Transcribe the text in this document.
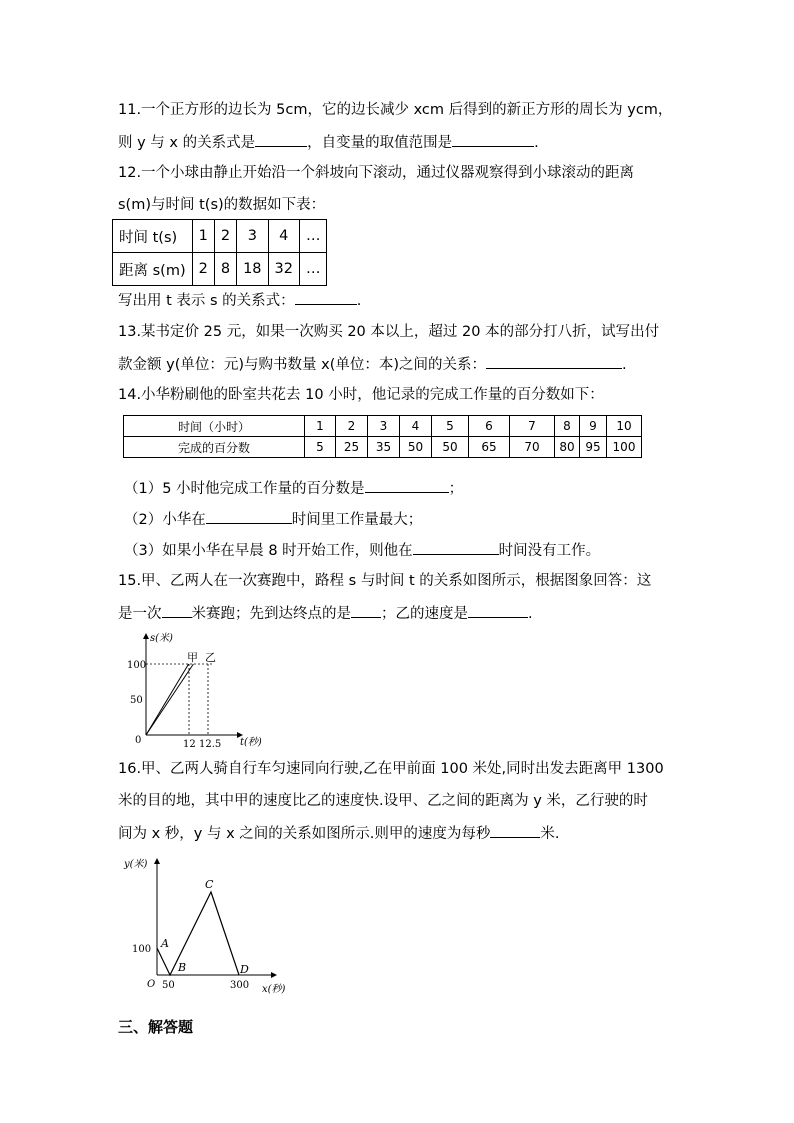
11.一个正方形的边长为 5cm，它的边长减少 xcm 后得到的新正方形的周长为 ycm，
则 y 与 x 的关系式是	，自变量的取值范围是	.
12.一个小球由静止开始沿一个斜坡向下滚动，通过仪器观察得到小球滚动的距离
s(m)与时间 t(s)的数据如下表：
时间 t(s)	1	2	3	4	…
距离 s(m)	2	8	18	32	…
写出用 t 表示 s 的关系式：	.
13.某书定价 25 元，如果一次购买 20 本以上，超过 20 本的部分打八折，试写出付
款金额 y(单位：元)与购书数量 x(单位：本)之间的关系：	.
14.小华粉刷他的卧室共花去 10 小时，他记录的完成工作量的百分数如下：
时间（小时）	1	2	3	4	5	6	7	8	9	10
完成的百分数	5	25	35	50	50	65	70	80	95	100
（1）5 小时他完成工作量的百分数是	；
（2）小华在	时间里工作量最大；
（3）如果小华在早晨 8 时开始工作，则他在	时间没有工作。
15.甲、乙两人在一次赛跑中，路程 s 与时间 t 的关系如图所示，根据图象回答：这
是一次 米赛跑；先到达终点的是 ；乙的速度是	.
s(米)
100
50
0	12 12.5 t(秒)
甲 乙
16.甲、乙两人骑自行车匀速同向行驶,乙在甲前面 100 米处,同时出发去距离甲 1300
米的目的地，其中甲的速度比乙的速度快.设甲、乙之间的距离为 y 米，乙行驶的时
间为 x 秒，y 与 x 之间的关系如图所示.则甲的速度为每秒	米.
y(米)
100
O 50	300 x(秒)
A
B
C
D
三、解答题
